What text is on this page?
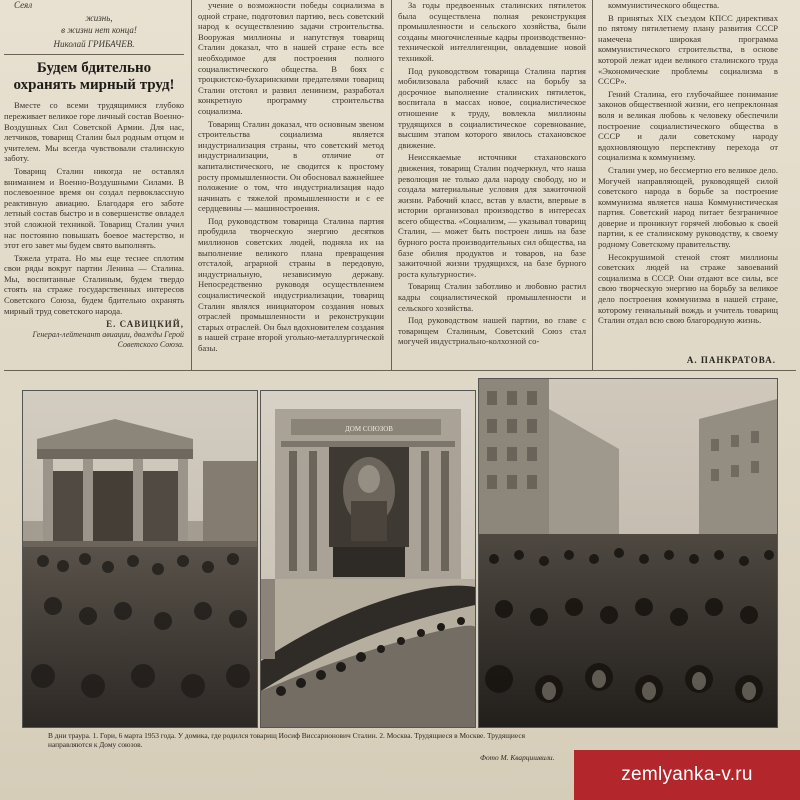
Сеял

жизнь,

в жизни нет конца!

Николай ГРИБАЧЕВ.
Будем бдительно охранять мирный труд!

Вместе со всеми трудящимися глубоко переживает великое горе личный состав Военно-Воздушных Сил Советской Армии. Для нас, летчиков, товарищ Сталин был родным отцом и учителем. Мы всегда чувствовали сталинскую заботу.

Товарищ Сталин никогда не оставлял вниманием и Военно-Воздушными Силами. В послевоенное время он создал первоклассную реактивную авиацию. Благодаря его заботе летный состав быстро и в совершенстве овладел этой сложной техникой. Товарищ Сталин учил нас постоянно повышать боевое мастерство, и этот его завет мы будем свято выполнять.

Тяжела утрата. Но мы еще теснее сплотим свои ряды вокруг партии Ленина — Сталина. Мы, воспитанные Сталиным, будем твердо стоять на страже государственных интересов Советского Союза, будем бдительно охранять мирный труд советского народа.

Е. САВИЦКИЙ,
Генерал-лейтенант авиации, дважды Герой Советского Союза.

учение о возможности победы социализма в одной стране, подготовил партию, весь советский народ к осуществлению задачи строительства. Вооружая миллионы и напутствуя товарищ Сталин доказал, что в нашей стране есть все необходимое для построения полного социалистического общества. В боях с троцкистско-бухаринскими предателями товарищ Сталин отстоял и развил ленинизм, разработал конкретную программу строительства социализма.

Товарищ Сталин доказал, что основным звеном строительства социализма является индустриализация страны, что советский метод индустриализации, в отличие от капиталистического, не сводится к простому росту промышленности. Он обосновал важнейшее положение о том, что индустриализация надо начинать с тяжелой промышленности и с ее сердцевины — машиностроения.

Под руководством товарища Сталина партия пробудила творческую энергию десятков миллионов советских людей, подняла их на выполнение великого плана превращения отсталой, аграрной страны в передовую, индустриальную, независимую державу. Непосредственно руководя осуществлением социалистической индустриализации, товарищ Сталин являлся инициатором создания новых отраслей промышленности и реконструкции старых отраслей. Он был вдохновителем создания в нашей стране второй угольно-металлургической базы.

За годы предвоенных сталинских пятилеток была осуществлена полная реконструкция промышленности и сельского хозяйства, были созданы многочисленные кадры производственно-технической интеллигенции, овладевшие новой техникой.

Под руководством товарища Сталина партия мобилизовала рабочий класс на борьбу за досрочное выполнение сталинских пятилеток, воспитала в массах новое, социалистическое отношение к труду, вовлекла миллионы трудящихся в социалистическое соревнование, высшим этапом которого явилось стахановское движение.

Неиссякаемые источники стахановского движения, товарищ Сталин подчеркнул, что наша революция не только дала народу свободу, но и создала материальные условия для зажиточной жизни. Рабочий класс, встав у власти, впервые в истории организовал производство в интересах всего общества. «Социализм, — указывал товарищ Сталин, — может быть построен лишь на базе бурного роста производительных сил общества, на базе обилия продуктов и товаров, на базе зажиточной жизни трудящихся, на базе бурного роста культурности».

Товарищ Сталин заботливо и любовно растил кадры социалистической промышленности и сельского хозяйства.

Под руководством нашей партии, во главе с товарищем Сталиным, Советский Союз стал могучей индустриально-колхозной со-

коммунистического общества.

В принятых XIX съездом КПСС директивах по пятому пятилетнему плану развития СССР намечена широкая программа коммунистического строительства, в основе которой лежат идеи великого сталинского труда «Экономические проблемы социализма в СССР».

Гений Сталина, его глубочайшее понимание законов общественной жизни, его непреклонная воля и великая любовь к человеку обеспечили построение социалистического общества в СССР и дали советскому народу вдохновляющую перспективу перехода от социализма к коммунизму.

Сталин умер, но бессмертно его великое дело. Могучей направляющей, руководящей силой советского народа в борьбе за построение коммунизма является наша Коммунистическая партия. Советский народ питает безграничное доверие и проникнут горячей любовью к своей партии, к ее сталинскому руководству, к своему родному Советскому правительству.

Несокрушимой стеной стоят миллионы советских людей на страже завоеваний социализма в СССР. Они отдают все силы, все свою творческую энергию на борьбу за великое дело построения коммунизма в нашей стране, которому гениальный вождь и учитель товарищ Сталин отдал всю свою благородную жизнь.

А. ПАНКРАТОВА.
ДОМ СОЮЗОВ
В дни траура. 1. Гори, 6 марта 1953 года. У домика, где родился товарищ Иосиф Виссарионович Сталин. 2. Москва. Трудящиеся в Москве. Трудящиеся направляются к Дому союзов.
Фото М. Кварцишвили.
zemlyanka-v.ru
